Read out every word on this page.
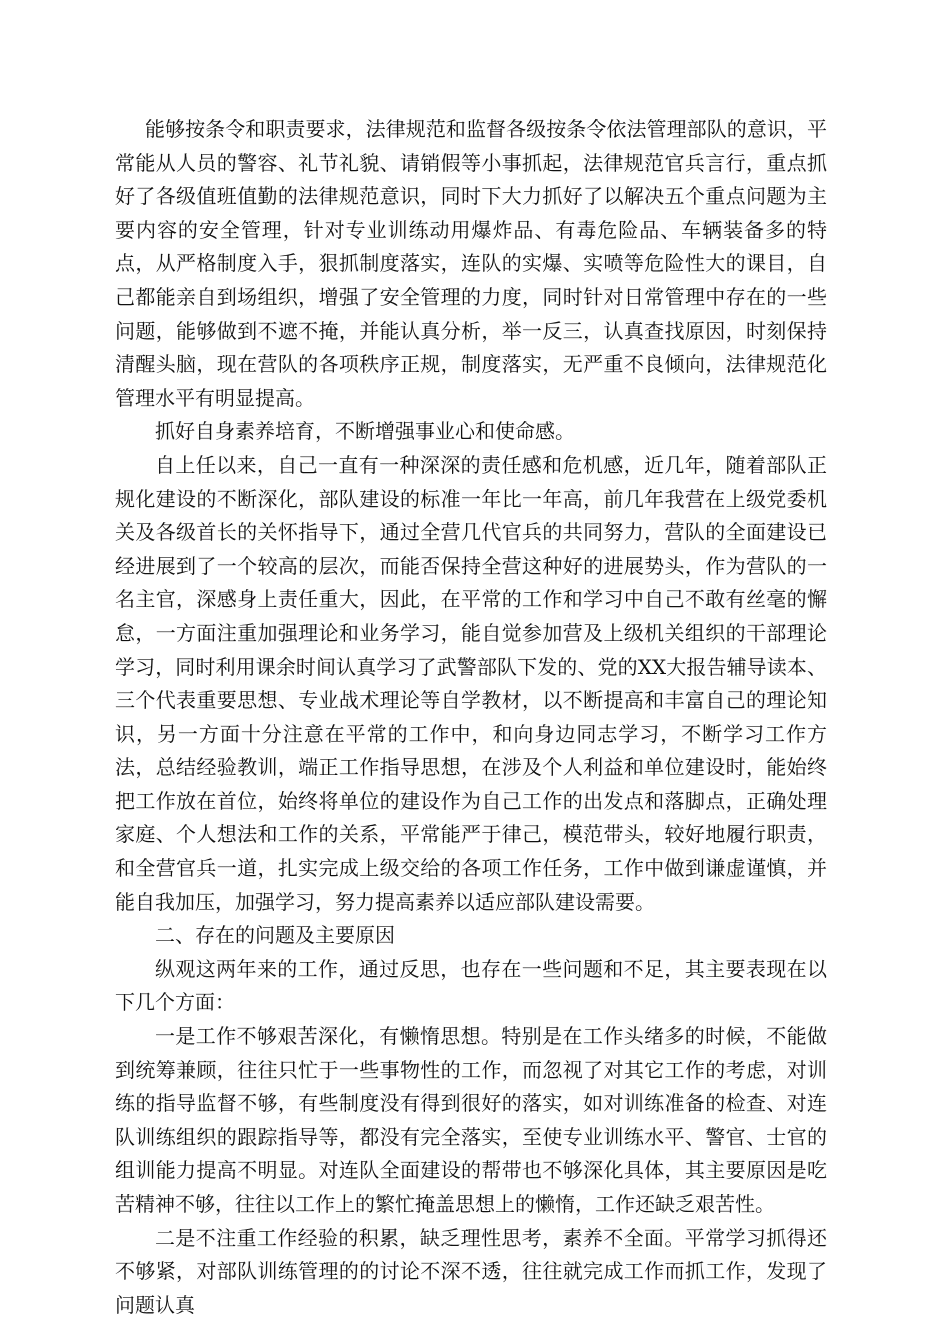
能够按条令和职责要求，法律规范和监督各级按条令依法管理部队的意识，平常能从人员的警容、礼节礼貌、请销假等小事抓起，法律规范官兵言行，重点抓好了各级值班值勤的法律规范意识，同时下大力抓好了以解决五个重点问题为主要内容的安全管理，针对专业训练动用爆炸品、有毒危险品、车辆装备多的特点，从严格制度入手，狠抓制度落实，连队的实爆、实喷等危险性大的课目，自己都能亲自到场组织，增强了安全管理的力度，同时针对日常管理中存在的一些问题，能够做到不遮不掩，并能认真分析，举一反三，认真查找原因，时刻保持清醒头脑，现在营队的各项秩序正规，制度落实，无严重不良倾向，法律规范化管理水平有明显提高。

抓好自身素养培育，不断增强事业心和使命感。

自上任以来，自己一直有一种深深的责任感和危机感，近几年，随着部队正规化建设的不断深化，部队建设的标准一年比一年高，前几年我营在上级党委机关及各级首长的关怀指导下，通过全营几代官兵的共同努力，营队的全面建设已经进展到了一个较高的层次，而能否保持全营这种好的进展势头，作为营队的一名主官，深感身上责任重大，因此，在平常的工作和学习中自己不敢有丝毫的懈怠，一方面注重加强理论和业务学习，能自觉参加营及上级机关组织的干部理论学习，同时利用课余时间认真学习了武警部队下发的、党的XX大报告辅导读本、三个代表重要思想、专业战术理论等自学教材，以不断提高和丰富自己的理论知识，另一方面十分注意在平常的工作中，和向身边同志学习，不断学习工作方法，总结经验教训，端正工作指导思想，在涉及个人利益和单位建设时，能始终把工作放在首位，始终将单位的建设作为自己工作的出发点和落脚点，正确处理家庭、个人想法和工作的关系，平常能严于律己，模范带头，较好地履行职责，和全营官兵一道，扎实完成上级交给的各项工作任务，工作中做到谦虚谨慎，并能自我加压，加强学习，努力提高素养以适应部队建设需要。

二、存在的问题及主要原因

纵观这两年来的工作，通过反思，也存在一些问题和不足，其主要表现在以下几个方面：

一是工作不够艰苦深化，有懒惰思想。特别是在工作头绪多的时候，不能做到统筹兼顾，往往只忙于一些事物性的工作，而忽视了对其它工作的考虑，对训练的指导监督不够，有些制度没有得到很好的落实，如对训练准备的检查、对连队训练组织的跟踪指导等，都没有完全落实，至使专业训练水平、警官、士官的组训能力提高不明显。对连队全面建设的帮带也不够深化具体，其主要原因是吃苦精神不够，往往以工作上的繁忙掩盖思想上的懒惰，工作还缺乏艰苦性。

二是不注重工作经验的积累，缺乏理性思考，素养不全面。平常学习抓得还不够紧，对部队训练管理的的讨论不深不透，往往就完成工作而抓工作，发现了问题认真
